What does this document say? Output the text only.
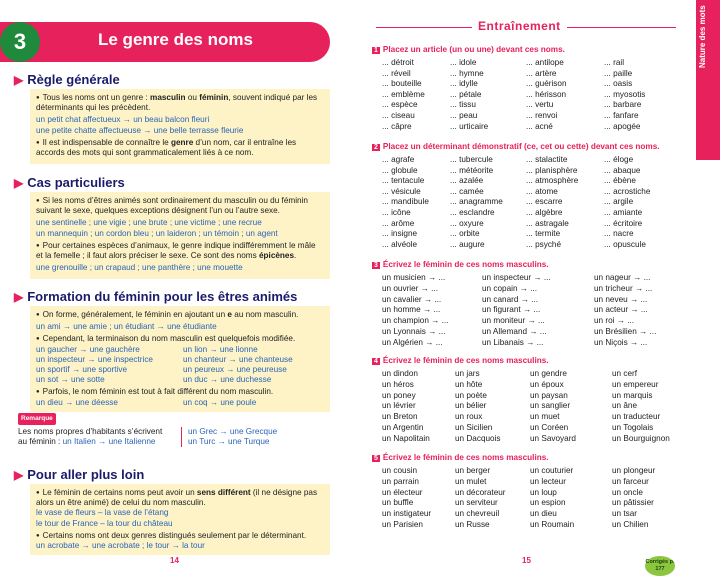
3	Le genre des noms
▶ Règle générale

● Tous les noms ont un genre : masculin ou féminin, souvent indiqué par les déterminants qui les précèdent.

un petit chat affectueux → un beau balcon fleuri

une petite chatte affectueuse → une belle terrasse fleurie

● Il est indispensable de connaître le genre d’un nom, car il entraîne les accords des mots qui sont grammaticalement liés à ce nom.

▶ Cas particuliers

● Si les noms d’êtres animés sont ordinairement du masculin ou du féminin suivant le sexe, quelques exceptions désignent l’un ou l’autre sexe.

une sentinelle ; une vigie ; une brute ; une victime ; une recrue

un mannequin ; un cordon bleu ; un laideron ; un témoin ; un agent

● Pour certaines espèces d’animaux, le genre indique indifféremment le mâle et la femelle ; il faut alors préciser le sexe. Ce sont des noms épicènes.

une grenouille ; un crapaud ; une panthère ; une mouette

▶ Formation du féminin pour les êtres animés

● On forme, généralement, le féminin en ajoutant un e au nom masculin.

un ami → une amie ; un étudiant → une étudiante

● Cependant, la terminaison du nom masculin est quelquefois modifiée.

un gaucher → une gauchère	un lion → une lionne
un inspecteur → une inspectrice	un chanteur → une chanteuse
un sportif → une sportive	un peureux → une peureuse
un sot → une sotte	un duc → une duchesse

● Parfois, le nom féminin est tout à fait différent du nom masculin.

un dieu → une déesse	un coq → une poule
Remarque
Les noms propres d’habitants s’écrivent au féminin : un Italien → une Italienne
un Grec → une Grecque
un Turc → une Turque
▶ Pour aller plus loin

● Le féminin de certains noms peut avoir un sens différent (il ne désigne pas alors un être animé) de celui du nom masculin.

le vase de fleurs – la vase de l’étang

le tour de France – la tour du château

● Certains noms ont deux genres distingués seulement par le déterminant.

un acrobate → une acrobate ; le tour → la tour

14
Entraînement
1 Placez un article (un ou une) devant ces noms.
... détroit	... idole	... antilope	... rail
... réveil	... hymne	... artère	... paille
... bouteille	... idylle	... guérison	... oasis
... emblème	... pétale	... hérisson	... myosotis
... espèce	... tissu	... vertu	... barbare
... ciseau	... peau	... renvoi	... fanfare
... câpre	... urticaire	... acné	... apogée
2 Placez un déterminant démonstratif (ce, cet ou cette) devant ces noms.
... agrafe	... tubercule	... stalactite	... éloge
... globule	... météorite	... planisphère	... abaque
... tentacule	... azalée	... atmosphère	... ébène
... vésicule	... camée	... atome	... acrostiche
... mandibule	... anagramme	... escarre	... argile
... icône	... esclandre	... algèbre	... amiante
... arôme	... oxyure	... astragale	... écritoire
... insigne	... orbite	... termite	... nacre
... alvéole	... augure	... psyché	... opuscule
3 Écrivez le féminin de ces noms masculins.
un musicien → ...	un inspecteur → ...	un nageur → ...
un ouvrier → ...	un copain → ...	un tricheur → ...
un cavalier → ...	un canard → ...	un neveu → ...
un homme → ...	un figurant → ...	un acteur → ...
un champion → ...	un moniteur → ...	un roi → ...
un Lyonnais → ...	un Allemand → ...	un Brésilien → ...
un Algérien → ...	un Libanais → ...	un Niçois → ...
4 Écrivez le féminin de ces noms masculins.
un dindon	un jars	un gendre	un cerf
un héros	un hôte	un époux	un empereur
un poney	un poète	un paysan	un marquis
un lévrier	un bélier	un sanglier	un âne
un Breton	un roux	un muet	un traducteur
un Argentin	un Sicilien	un Coréen	un Togolais
un Napolitain	un Dacquois	un Savoyard	un Bourguignon
5 Écrivez le féminin de ces noms masculins.
un cousin	un berger	un couturier	un plongeur
un parrain	un mulet	un lecteur	un farceur
un électeur	un décorateur	un loup	un oncle
un buffle	un serviteur	un espion	un pâtissier
un instigateur	un chevreuil	un dieu	un tsar
un Parisien	un Russe	un Roumain	un Chilien
15
Nature des mots
Corrigés p. 177
